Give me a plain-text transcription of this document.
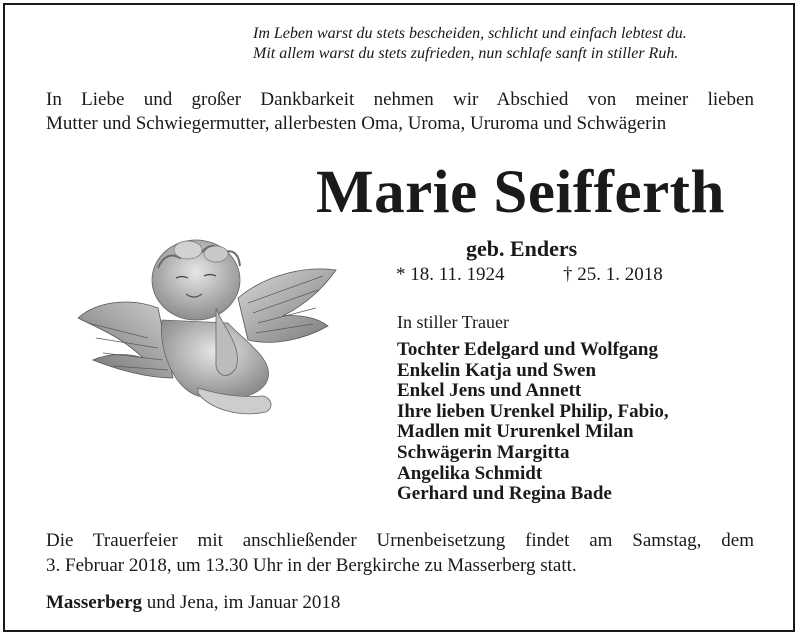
Im Leben warst du stets bescheiden, schlicht und einfach lebtest du.
Mit allem warst du stets zufrieden, nun schlafe sanft in stiller Ruh.
In Liebe und großer Dankbarkeit nehmen wir Abschied von meiner lieben
Mutter und Schwiegermutter, allerbesten Oma, Uroma, Ururoma und Schwägerin
Marie Seifferth
geb. Enders
* 18. 11. 1924	† 25. 1. 2018
In stiller Trauer
Tochter Edelgard und Wolfgang
Enkelin Katja und Swen
Enkel Jens und Annett
Ihre lieben Urenkel Philip, Fabio,
Madlen mit Ururenkel Milan
Schwägerin Margitta
Angelika Schmidt
Gerhard und Regina Bade
Die Trauerfeier mit anschließender Urnenbeisetzung findet am Samstag, dem
3. Februar 2018, um 13.30 Uhr in der Bergkirche zu Masserberg statt.
Masserberg und Jena, im Januar 2018
